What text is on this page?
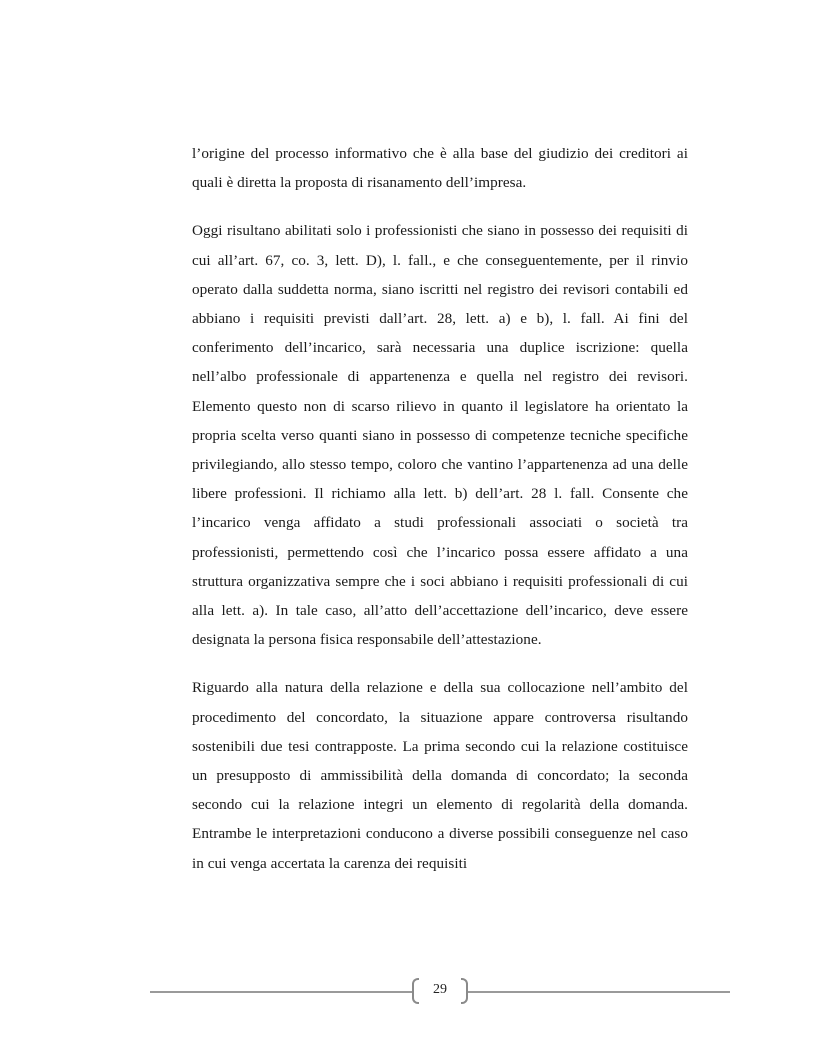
l’origine del processo informativo che è alla base del giudizio dei creditori ai quali è diretta la proposta di risanamento dell’impresa.

Oggi risultano abilitati solo i professionisti che siano in possesso dei requisiti di cui all’art. 67, co. 3, lett. D), l. fall., e che conseguentemente, per il rinvio operato dalla suddetta norma, siano iscritti nel registro dei revisori contabili ed abbiano i requisiti previsti dall’art. 28, lett. a) e b), l. fall. Ai fini del conferimento dell’incarico, sarà necessaria una duplice iscrizione: quella nell’albo professionale di appartenenza e quella nel registro dei revisori. Elemento questo non di scarso rilievo in quanto il legislatore ha orientato la propria scelta verso quanti siano in possesso di competenze tecniche specifiche privilegiando, allo stesso tempo, coloro che vantino l’appartenenza ad una delle libere professioni. Il richiamo alla lett. b) dell’art. 28 l. fall. Consente che l’incarico venga affidato a studi professionali associati o società tra professionisti, permettendo così che l’incarico possa essere affidato a una struttura organizzativa sempre che i soci abbiano i requisiti professionali di cui alla lett. a). In tale caso, all’atto dell’accettazione dell’incarico, deve essere designata la persona fisica responsabile dell’attestazione.

Riguardo alla natura della relazione e della sua collocazione nell’ambito del procedimento del concordato, la situazione appare controversa risultando sostenibili due tesi contrapposte. La prima secondo cui la relazione costituisce un presupposto di ammissibilità della domanda di concordato; la seconda secondo cui la relazione integri un elemento di regolarità della domanda. Entrambe le interpretazioni conducono a diverse possibili conseguenze nel caso in cui venga accertata la carenza dei requisiti

29
